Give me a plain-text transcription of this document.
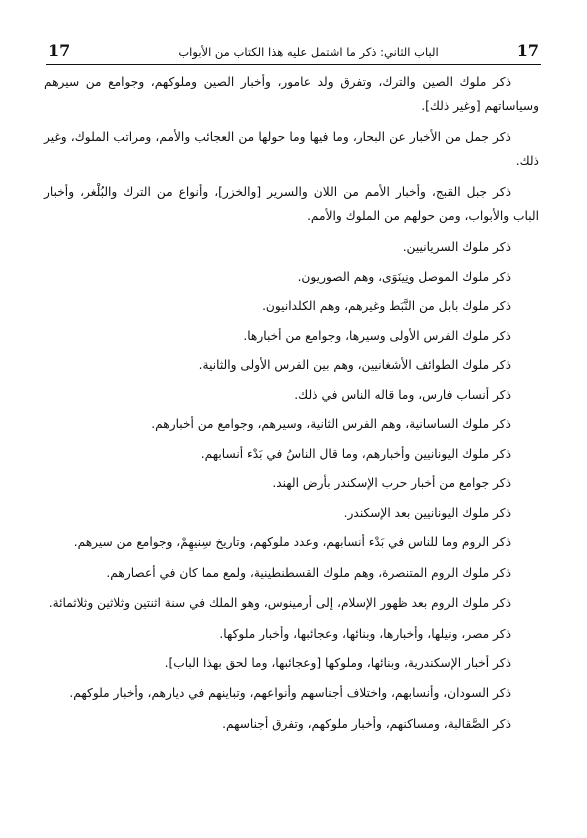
17	الباب الثاني: ذكر ما اشتمل عليه هذا الكتاب من الأبواب	17

ذكر ملوك الصين والترك، وتفرق ولد عامور، وأخبار الصين وملوكهم، وجوامع من سيرهم وسياساتهم [وغير ذلك].

ذكر جمل من الأخبار عن البحار، وما فيها وما حولها من العجائب والأمم، ومراتب الملوك، وغير ذلك.

ذكر جبل القبج، وأخبار الأمم من اللان والسرير [والخزر]، وأنواع من الترك والبُلْغر، وأخبار الباب والأبواب، ومن حولهم من الملوك والأمم.

ذكر ملوك السريانيين.

ذكر ملوك الموصل ونِينَوَى، وهم الصوريون.

ذكر ملوك بابل من النَّبَط وغيرهم، وهم الكلدانيون.

ذكر ملوك الفرس الأولى وسيرها، وجوامع من أخبارها.

ذكر ملوك الطوائف الأشغانيين، وهم بين الفرس الأولى والثانية.

ذكر أنساب فارس، وما قاله الناس في ذلك.

ذكر ملوك الساسانية، وهم الفرس الثانية، وسيرهم، وجوامع من أخبارهم.

ذكر ملوك اليونانيين وأخبارهم، وما قال الناسُ في بَدْء أنسابهم.

ذكر جوامع من أخبار حرب الإسكندر بأرض الهند.

ذكر ملوك اليونانيين بعد الإسكندر.

ذكر الروم وما للناس في بَدْء أنسابهم، وعدد ملوكهم، وتاريخ سِنيهِمْ، وجوامع من سيرهم.

ذكر ملوك الروم المتنصرة، وهم ملوك القسطنطينية، ولمع مما كان في أعصارهم.

ذكر ملوك الروم بعد ظهور الإسلام، إلى أرمينوس، وهو الملك في سنة اثنتين وثلاثين وثلاثمائة.

ذكر مصر، ونيلها، وأخبارها، وبنائها، وعجائبها، وأخبار ملوكها.

ذكر أخبار الإسكندرية، وبنائها، وملوكها [وعجائبها، وما لحق بهذا الباب].

ذكر السودان، وأنسابهم، واختلاف أجناسهم وأنواعهم، وتباينهم في ديارهم، وأخبار ملوكهم.

ذكر الصَّقالبة، ومساكنهم، وأخبار ملوكهم، وتفرق أجناسهم.
